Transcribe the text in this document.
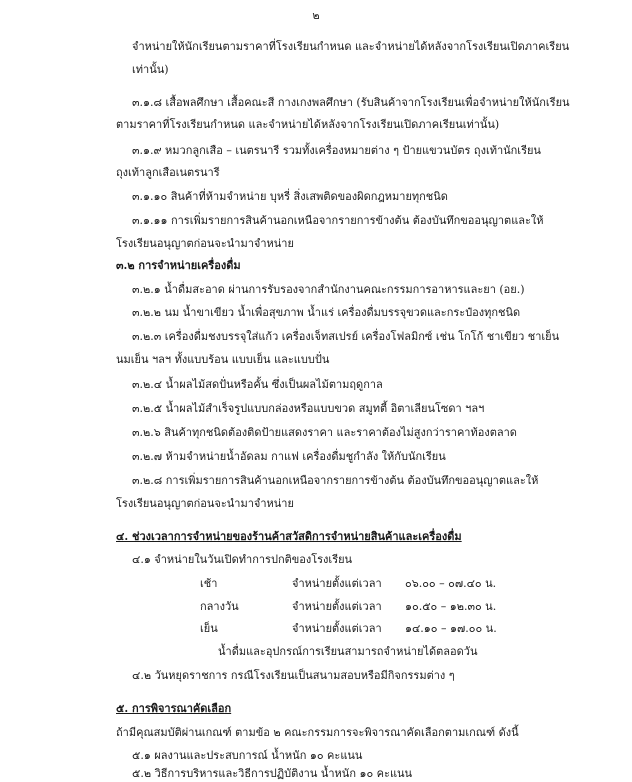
๒
จำหน่ายให้นักเรียนตามราคาที่โรงเรียนกำหนด และจำหน่ายได้หลังจากโรงเรียนเปิดภาคเรียน
เท่านั้น)
๓.๑.๘ เสื้อพลศึกษา เสื้อคณะสี กางเกงพลศึกษา (รับสินค้าจากโรงเรียนเพื่อจำหน่ายให้นักเรียน
ตามราคาที่โรงเรียนกำหนด และจำหน่ายได้หลังจากโรงเรียนเปิดภาคเรียนเท่านั้น)
๓.๑.๙ หมวกลูกเสือ – เนตรนารี รวมทั้งเครื่องหมายต่าง ๆ ป้ายแขวนบัตร ถุงเท้านักเรียน
ถุงเท้าลูกเสือเนตรนารี
๓.๑.๑๐ สินค้าที่ห้ามจำหน่าย บุหรี่ สิ่งเสพติดของผิดกฎหมายทุกชนิด
๓.๑.๑๑ การเพิ่มรายการสินค้านอกเหนือจากรายการข้างต้น ต้องบันทึกขออนุญาตและให้
โรงเรียนอนุญาตก่อนจะนำมาจำหน่าย
๓.๒ การจำหน่ายเครื่องดื่ม
๓.๒.๑ น้ำดื่มสะอาด ผ่านการรับรองจากสำนักงานคณะกรรมการอาหารและยา (อย.)
๓.๒.๒ นม น้ำขาเขียว น้ำเพื่อสุขภาพ น้ำแร่ เครื่องดื่มบรรจุขวดและกระป๋องทุกชนิด
๓.๒.๓ เครื่องดื่มชงบรรจุใส่แก้ว เครื่องเจ็ทสเปรย์ เครื่องโฟลมิกซ์ เช่น โกโก้ ชาเขียว ชาเย็น
นมเย็น ฯลฯ ทั้งแบบร้อน แบบเย็น และแบบปั่น
๓.๒.๔ น้ำผลไม้สดปั่นหรือคั้น ซึ่งเป็นผลไม้ตามฤดูกาล
๓.๒.๕ น้ำผลไม้สำเร็จรูปแบบกล่องหรือแบบขวด สมูทตี้ อิตาเลียนโซดา ฯลฯ
๓.๒.๖ สินค้าทุกชนิดต้องติดป้ายแสดงราคา และราคาต้องไม่สูงกว่าราคาท้องตลาด
๓.๒.๗ ห้ามจำหน่ายน้ำอัดลม กาแฟ เครื่องดื่มชูกำลัง ให้กับนักเรียน
๓.๒.๘ การเพิ่มรายการสินค้านอกเหนือจากรายการข้างต้น ต้องบันทึกขออนุญาตและให้
โรงเรียนอนุญาตก่อนจะนำมาจำหน่าย
๔. ช่วงเวลาการจำหน่ายของร้านค้าสวัสดิการจำหน่ายสินค้าและเครื่องดื่ม
๔.๑ จำหน่ายในวันเปิดทำการปกติของโรงเรียน
เช้า	จำหน่ายตั้งแต่เวลา ๐๖.๐๐ – ๐๗.๔๐ น.
กลางวัน	จำหน่ายตั้งแต่เวลา ๑๐.๕๐ – ๑๒.๓๐ น.
เย็น	จำหน่ายตั้งแต่เวลา ๑๔.๑๐ – ๑๗.๐๐ น.
น้ำดื่มและอุปกรณ์การเรียนสามารถจำหน่ายได้ตลอดวัน
๔.๒ วันหยุดราชการ กรณีโรงเรียนเป็นสนามสอบหรือมีกิจกรรมต่าง ๆ
๕. การพิจารณาคัดเลือก
ถ้ามีคุณสมบัติผ่านเกณฑ์ ตามข้อ ๒ คณะกรรมการจะพิจารณาคัดเลือกตามเกณฑ์ ดังนี้
๕.๑ ผลงานและประสบการณ์ น้ำหนัก ๑๐ คะแนน
๕.๒ วิธีการบริหารและวิธีการปฏิบัติงาน น้ำหนัก ๑๐ คะแนน
